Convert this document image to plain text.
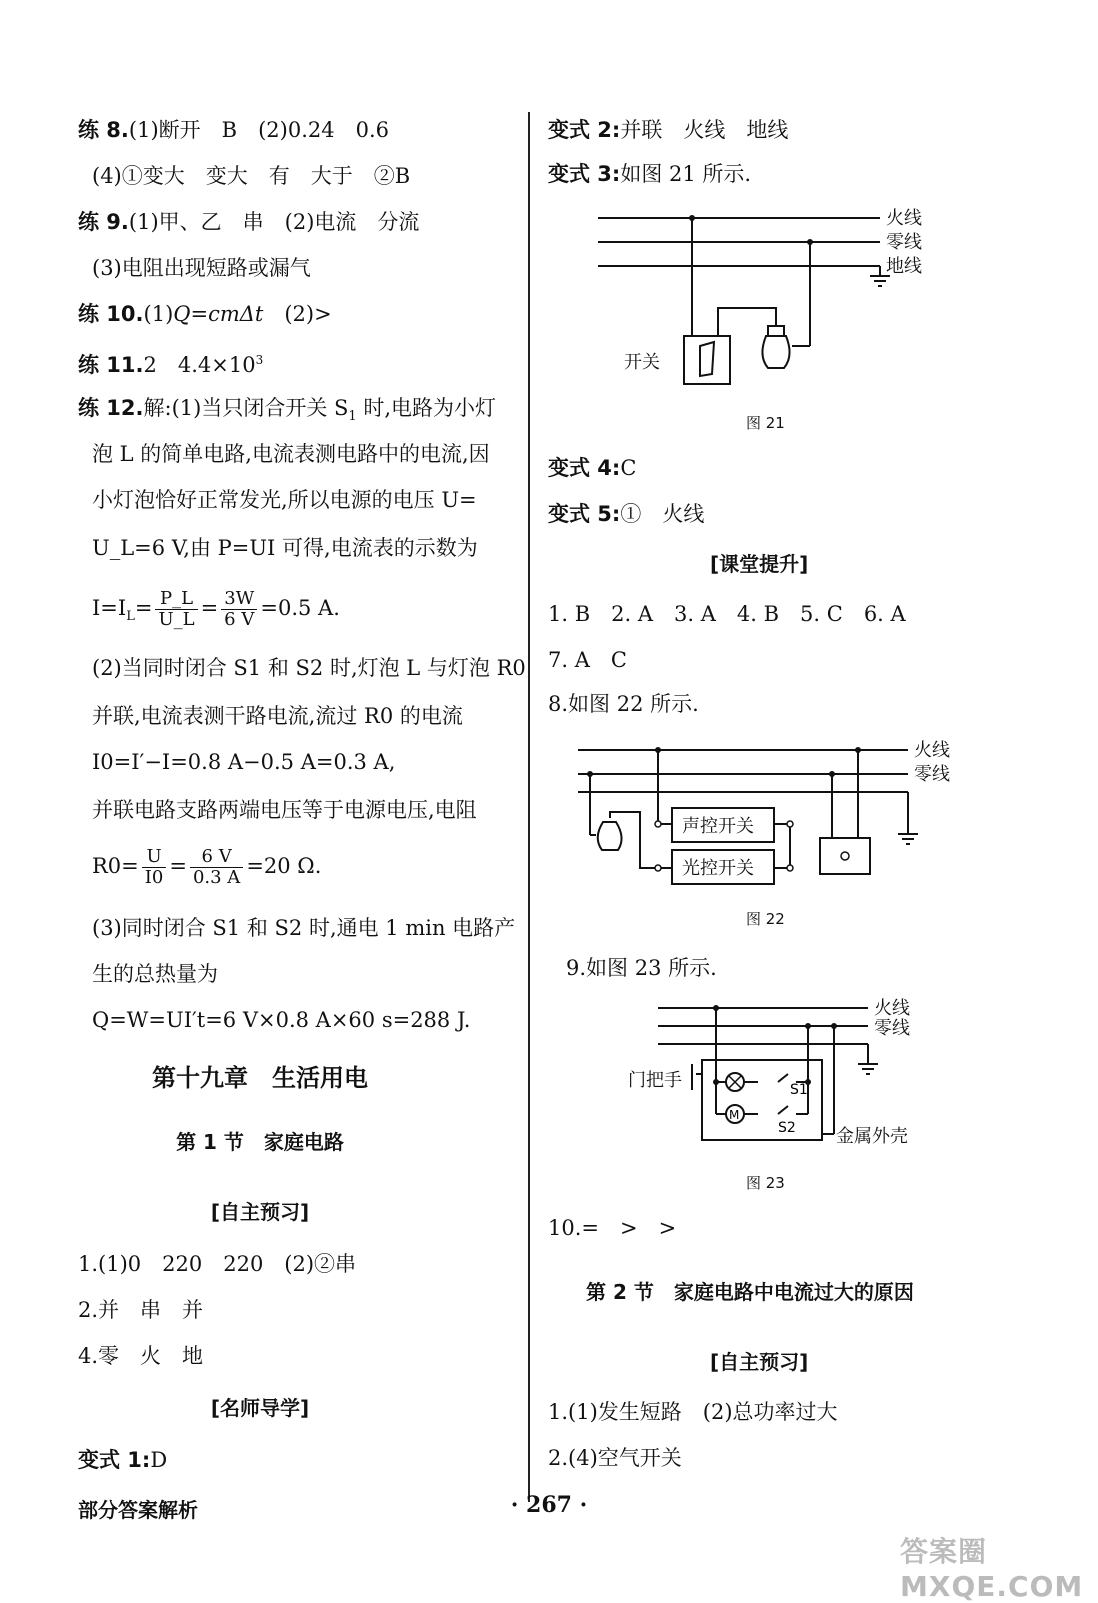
练 8.(1)断开　B　(2)0.24　0.6
(4)①变大　变大　有　大于　②B
练 9.(1)甲、乙　串　(2)电流　分流
(3)电阻出现短路或漏气
练 10.(1)Q=cmΔt　(2)>
练 11.2　$4.4\times 10^3$
练 12.解:(1)当只闭合开关 $S_1$ 时,电路为小灯
泡 L 的简单电路,电流表测电路中的电流,因
小灯泡恰好正常发光,所以电源的电压 U=
U_L=6 V,由 P=UI 可得,电流表的示数为
$I=I_L= \frac{P\_L}{U\_L} = \frac{3W}{6 V} =0.5$ A.
(2)当同时闭合 S1 和 S2 时,灯泡 L 与灯泡 R0
并联,电流表测干路电流,流过 R0 的电流
I0=I′−I=0.8 A−0.5 A=0.3 A,
并联电路支路两端电压等于电源电压,电阻
$R0= \frac{U}{I0} = \frac{6 V}{0.3 A} =20$ Ω.
(3)同时闭合 S1 和 S2 时,通电 1 min 电路产
生的总热量为
Q=W=UI′t=6 V×0.8 A×60 s=288 J.
第十九章　生活用电
第 1 节　家庭电路
[自主预习]
1.(1)0　220　220　(2)②串
2.并　串　并
4.零　火　地
[名师导学]
变式 1:D
变式 2:并联　火线　地线
变式 3:如图 21 所示.
火线
零线
地线
开关
图 21
变式 4:C
变式 5:①　火线
[课堂提升]
1. B　2. A　3. A　4. B　5. C　6. A
7. A　C
8.如图 22 所示.
火线
零线
声控开关
光控开关
图 22
9.如图 23 所示.
M
S1
S2
火线
零线
门把手
金属外壳
图 23
10.=　>　>
第 2 节　家庭电路中电流过大的原因
[自主预习]
1.(1)发生短路　(2)总功率过大
2.(4)空气开关
部分答案解析	· 267 ·
答案圈 MXQE.COM
